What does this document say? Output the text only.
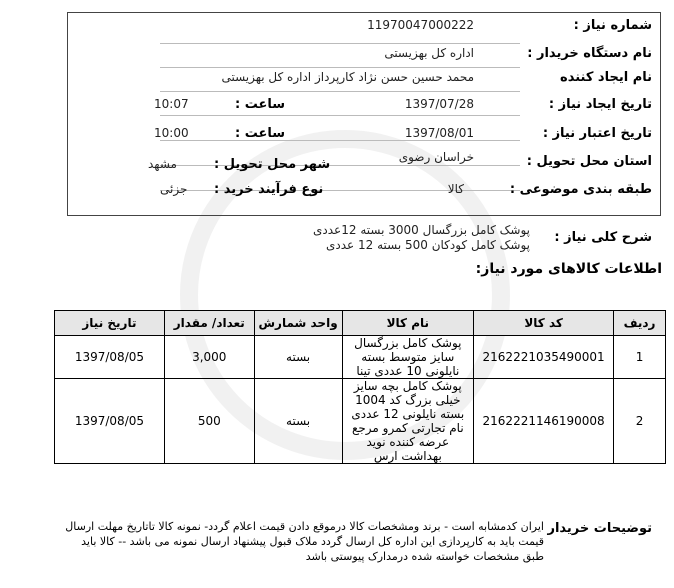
شماره نیاز :
11970047000222
نام دستگاه خریدار :
اداره کل بهزیستی
نام ایجاد کننده
محمد حسین حسن نژاد کارپرداز اداره کل بهزیستی
تاریخ ایجاد نیاز :
1397/07/28
ساعت :
10:07
تاریخ اعتبار نیاز :
1397/08/01
ساعت :
10:00
استان محل تحویل :
خراسان رضوی
شهر محل تحویل :
مشهد
طبقه بندی موضوعی :
کالا
نوع فرآیند خرید :
جزئی
شرح کلی نیاز :
پوشک کامل بزرگسال 3000 بسته 12عددی
پوشک کامل کودکان 500 بسته 12 عددی
اطلاعات کالاهای مورد نیاز:
ردیف	کد کالا	نام کالا	واحد شمارش	تعداد/ مقدار	تاریخ نیاز
1	2162221035490001	پوشک کامل بزرگسال سایز متوسط بسته نایلونی 10 عددی تینا	بسته	3,000	1397/08/05
2	2162221146190008	پوشک کامل بچه سایز خیلی بزرگ کد 1004 بسته نایلونی 12 عددی نام تجارتی کمرو مرجع عرضه کننده نوید بهداشت ارس	بسته	500	1397/08/05
توضیحات خریدار
ایران کدمشابه است - برند ومشخصات کالا درموقع دادن قیمت اعلام گردد- نمونه کالا تاتاریخ مهلت ارسال قیمت باید به کارپردازی این اداره کل ارسال گردد ملاک قبول پیشنهاد ارسال نمونه می باشد -- کالا باید طبق مشخصات خواسته شده درمدارک پیوستی باشد
